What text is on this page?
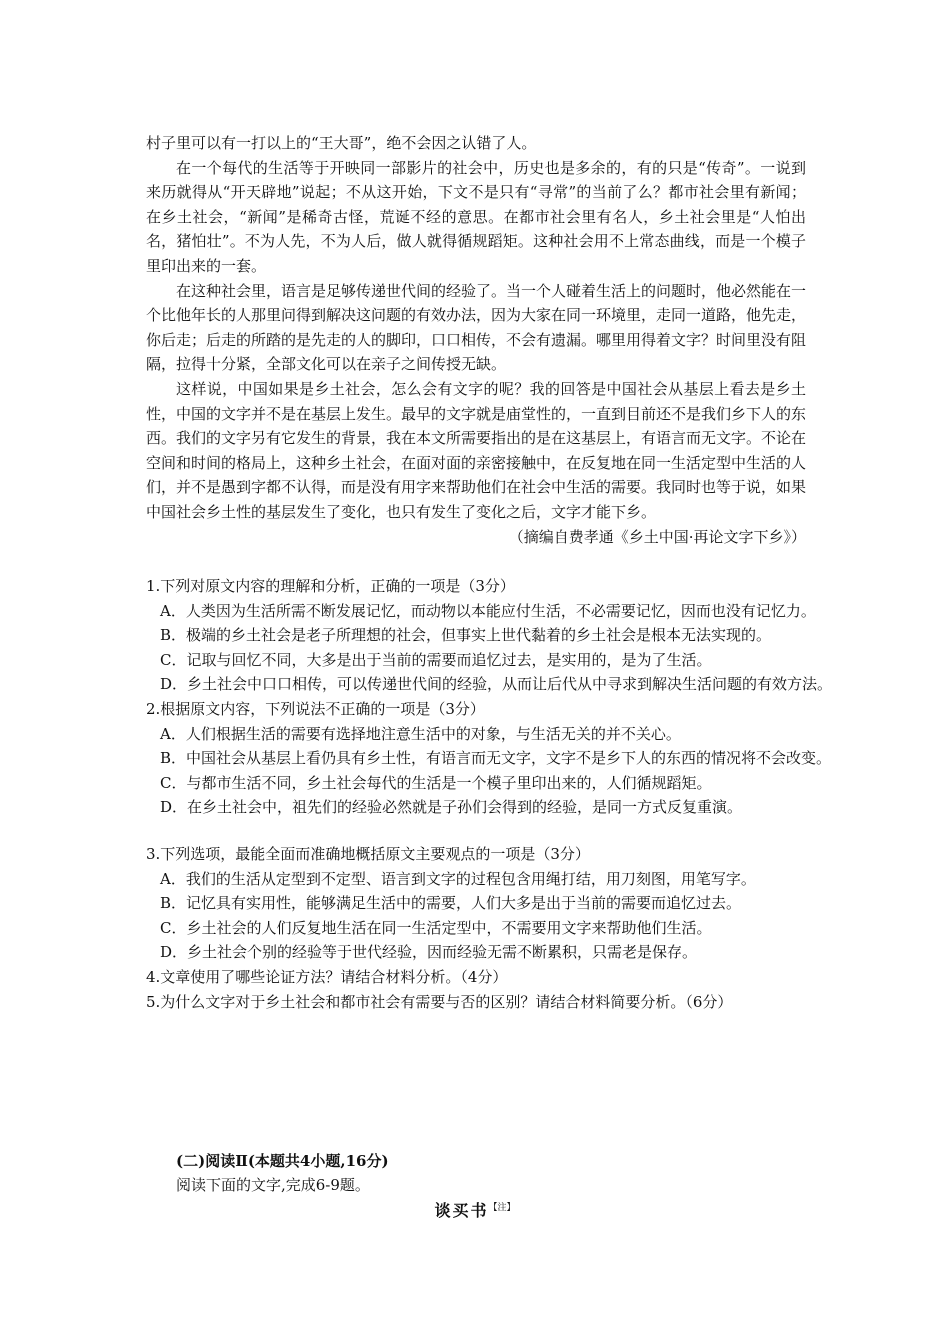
村子里可以有一打以上的“王大哥”，绝不会因之认错了人。

在一个每代的生活等于开映同一部影片的社会中，历史也是多余的，有的只是“传奇”。一说到来历就得从“开天辟地”说起；不从这开始，下文不是只有“寻常”的当前了么？都市社会里有新闻；在乡土社会，“新闻”是稀奇古怪，荒诞不经的意思。在都市社会里有名人，乡土社会里是“人怕出名，猪怕壮”。不为人先，不为人后，做人就得循规蹈矩。这种社会用不上常态曲线，而是一个模子里印出来的一套。

在这种社会里，语言是足够传递世代间的经验了。当一个人碰着生活上的问题时，他必然能在一个比他年长的人那里问得到解决这问题的有效办法，因为大家在同一环境里，走同一道路，他先走，你后走；后走的所踏的是先走的人的脚印，口口相传，不会有遗漏。哪里用得着文字？时间里没有阻隔，拉得十分紧，全部文化可以在亲子之间传授无缺。

这样说，中国如果是乡土社会，怎么会有文字的呢？我的回答是中国社会从基层上看去是乡土性，中国的文字并不是在基层上发生。最早的文字就是庙堂性的，一直到目前还不是我们乡下人的东西。我们的文字另有它发生的背景，我在本文所需要指出的是在这基层上，有语言而无文字。不论在空间和时间的格局上，这种乡土社会，在面对面的亲密接触中，在反复地在同一生活定型中生活的人们，并不是愚到字都不认得，而是没有用字来帮助他们在社会中生活的需要。我同时也等于说，如果中国社会乡土性的基层发生了变化，也只有发生了变化之后，文字才能下乡。

（摘编自费孝通《乡土中国·再论文字下乡》）

1.下列对原文内容的理解和分析，正确的一项是（3分）

A．人类因为生活所需不断发展记忆，而动物以本能应付生活，不必需要记忆，因而也没有记忆力。

B．极端的乡土社会是老子所理想的社会，但事实上世代黏着的乡土社会是根本无法实现的。

C．记取与回忆不同，大多是出于当前的需要而追忆过去，是实用的，是为了生活。

D．乡土社会中口口相传，可以传递世代间的经验，从而让后代从中寻求到解决生活问题的有效方法。

2.根据原文内容，下列说法不正确的一项是（3分）

A．人们根据生活的需要有选择地注意生活中的对象，与生活无关的并不关心。

B．中国社会从基层上看仍具有乡土性，有语言而无文字，文字不是乡下人的东西的情况将不会改变。

C．与都市生活不同，乡土社会每代的生活是一个模子里印出来的，人们循规蹈矩。

D．在乡土社会中，祖先们的经验必然就是子孙们会得到的经验，是同一方式反复重演。

3.下列选项，最能全面而准确地概括原文主要观点的一项是（3分）

A．我们的生活从定型到不定型、语言到文字的过程包含用绳打结，用刀刻图，用笔写字。

B．记忆具有实用性，能够满足生活中的需要，人们大多是出于当前的需要而追忆过去。

C．乡土社会的人们反复地生活在同一生活定型中，不需要用文字来帮助他们生活。

D．乡土社会个别的经验等于世代经验，因而经验无需不断累积，只需老是保存。

4.文章使用了哪些论证方法？请结合材料分析。（4分）

5.为什么文字对于乡土社会和都市社会有需要与否的区别？请结合材料简要分析。（6分）

(二)阅读Ⅱ(本题共4小题,16分)

阅读下面的文字,完成6-9题。

谈买书$^{【注】}$
